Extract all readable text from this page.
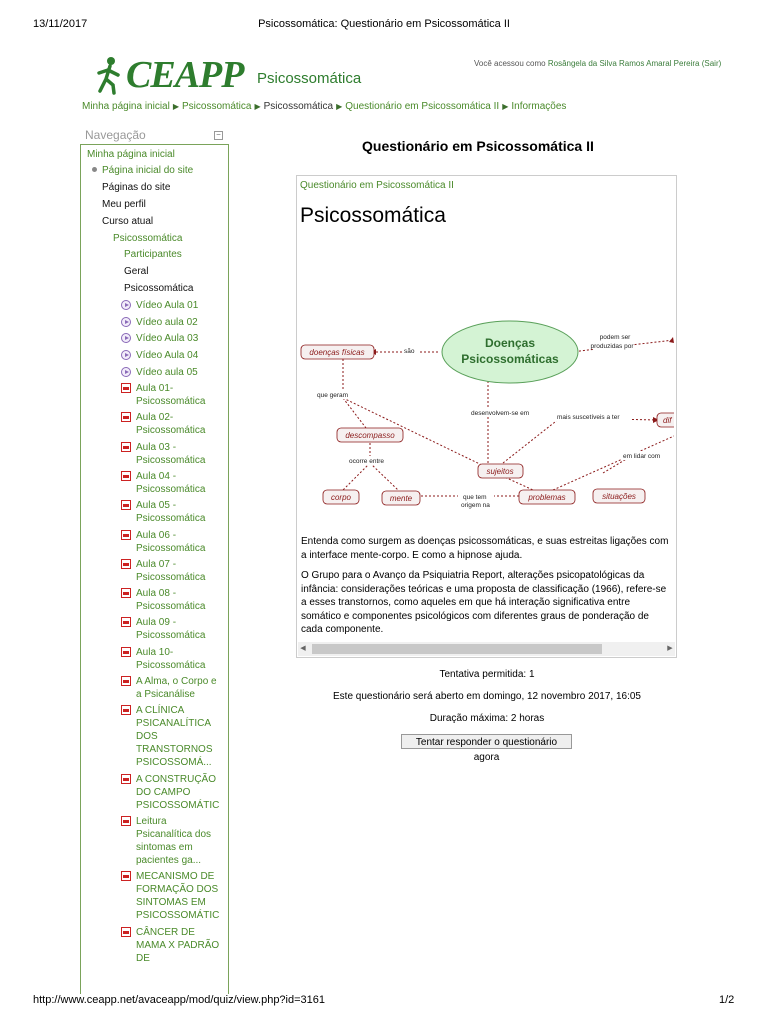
13/11/2017	Psicossomática: Questionário em Psicossomática II
CEAPP Psicossomática
Você acessou como Rosângela da Silva Ramos Amaral Pereira (Sair)
Minha página inicial ▶ Psicossomática ▶ Psicossomática ▶ Questionário em Psicossomática II ▶ Informações
Navegação	−
Minha página inicial
Página inicial do site
Páginas do site
Meu perfil
Curso atual
Psicossomática
Participantes
Geral
Psicossomática
Vídeo Aula 01
Vídeo aula 02
Vídeo Aula 03
Vídeo Aula 04
Vídeo aula 05
Aula 01-
Psicossomática
Aula 02-
Psicossomática
Aula 03 -
Psicossomática
Aula 04 -
Psicossomática
Aula 05 -
Psicossomática
Aula 06 -
Psicossomática
Aula 07 -
Psicossomática
Aula 08 -
Psicossomática
Aula 09 -
Psicossomática
Aula 10-
Psicossomática
A Alma, o Corpo e
a Psicanálise
A CLÍNICA
PSICANALÍTICA
DOS
TRANSTORNOS
PSICOSSOMÁ...
A CONSTRUÇÃO
DO CAMPO
PSICOSSOMÁTIC
Leitura
Psicanalítica dos
sintomas em
pacientes ga...
MECANISMO DE
FORMAÇÃO DOS
SINTOMAS EM
PSICOSSOMÁTIC
CÂNCER DE
MAMA X PADRÃO
DE
Questionário em Psicossomática II
Questionário em Psicossomática II
Psicossomática
Doenças
Psicossomáticas
doenças físicas
descompasso
sujeitos
corpo	mente	problemas	situações
dif
são
podem ser
produzidas por
que geram
desenvolvem-se em
mais suscetíveis a ter
ocorre entre
em lidar com
que tem
origem na
Entenda como surgem as doenças psicossomáticas, e suas estreitas ligações com
a interface mente-corpo. E como a hipnose ajuda.
O Grupo para o Avanço da Psiquiatria Report, alterações psicopatológicas da
infância: considerações teóricas e uma proposta de classificação (1966), refere-se
a esses transtornos, como aqueles em que há interação significativa entre
somático e componentes psicológicos com diferentes graus de ponderação de
cada componente.
◀	▶
Tentativa permitida: 1
Este questionário será aberto em domingo, 12 novembro 2017, 16:05
Duração máxima: 2 horas
Tentar responder o questionário agora
http://www.ceapp.net/avaceapp/mod/quiz/view.php?id=3161	1/2
